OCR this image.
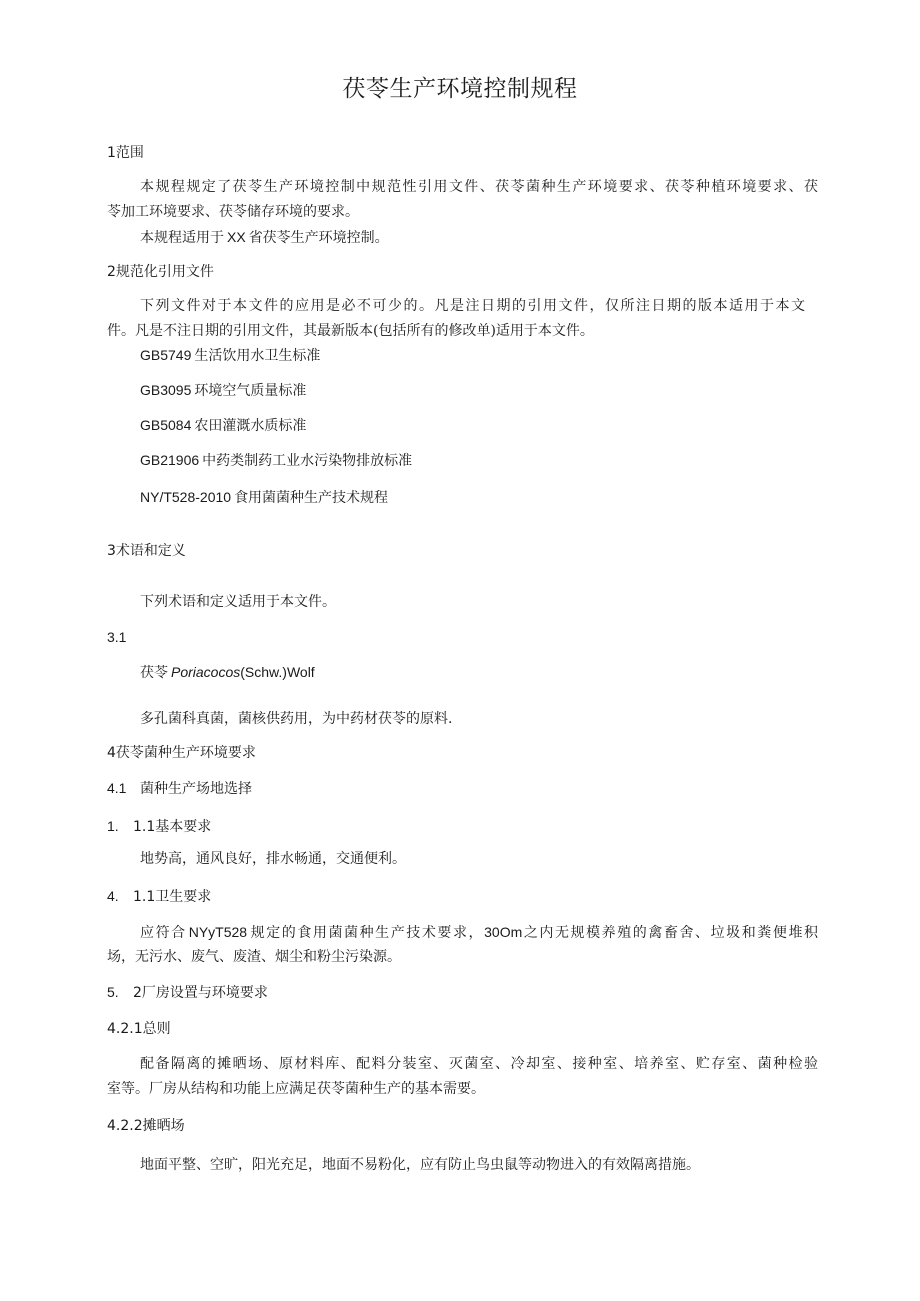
茯苓生产环境控制规程
1范围
本规程规定了茯苓生产环境控制中规范性引用文件、茯苓菌种生产环境要求、茯苓种植环境要求、茯
苓加工环境要求、茯苓储存环境的要求。
本规程适用于 XX 省茯苓生产环境控制。
2规范化引用文件
下列文件对于本文件的应用是必不可少的。凡是注日期的引用文件，仅所注日期的版本适用于本文
件。凡是不注日期的引用文件，其最新版本(包括所有的修改单)适用于本文件。
GB5749 生活饮用水卫生标准
GB3095 环境空气质量标准
GB5084 农田灌溉水质标准
GB21906 中药类制药工业水污染物排放标准
NY/T528-2010 食用菌菌种生产技术规程
3术语和定义
下列术语和定义适用于本文件。
3.1
茯苓 Poriacocos(Schw.)Wolf
多孔菌科真菌，菌核供药用，为中药材茯苓的原料.
4茯苓菌种生产环境要求
4.1 菌种生产场地选择
1. 1.1基本要求
地势高，通风良好，排水畅通，交通便利。
4. 1.1卫生要求
应符合 NYyT528 规定的食用菌菌种生产技术要求，30Om之内无规模养殖的禽畜舍、垃圾和粪便堆积
场，无污水、废气、废渣、烟尘和粉尘污染源。
5. 2厂房设置与环境要求
4.2.1总则
配备隔离的摊晒场、原材料库、配料分装室、灭菌室、冷却室、接种室、培养室、贮存室、菌种检验
室等。厂房从结构和功能上应满足茯苓菌种生产的基本需要。
4.2.2摊晒场
地面平整、空旷，阳光充足，地面不易粉化，应有防止鸟虫鼠等动物进入的有效隔离措施。
